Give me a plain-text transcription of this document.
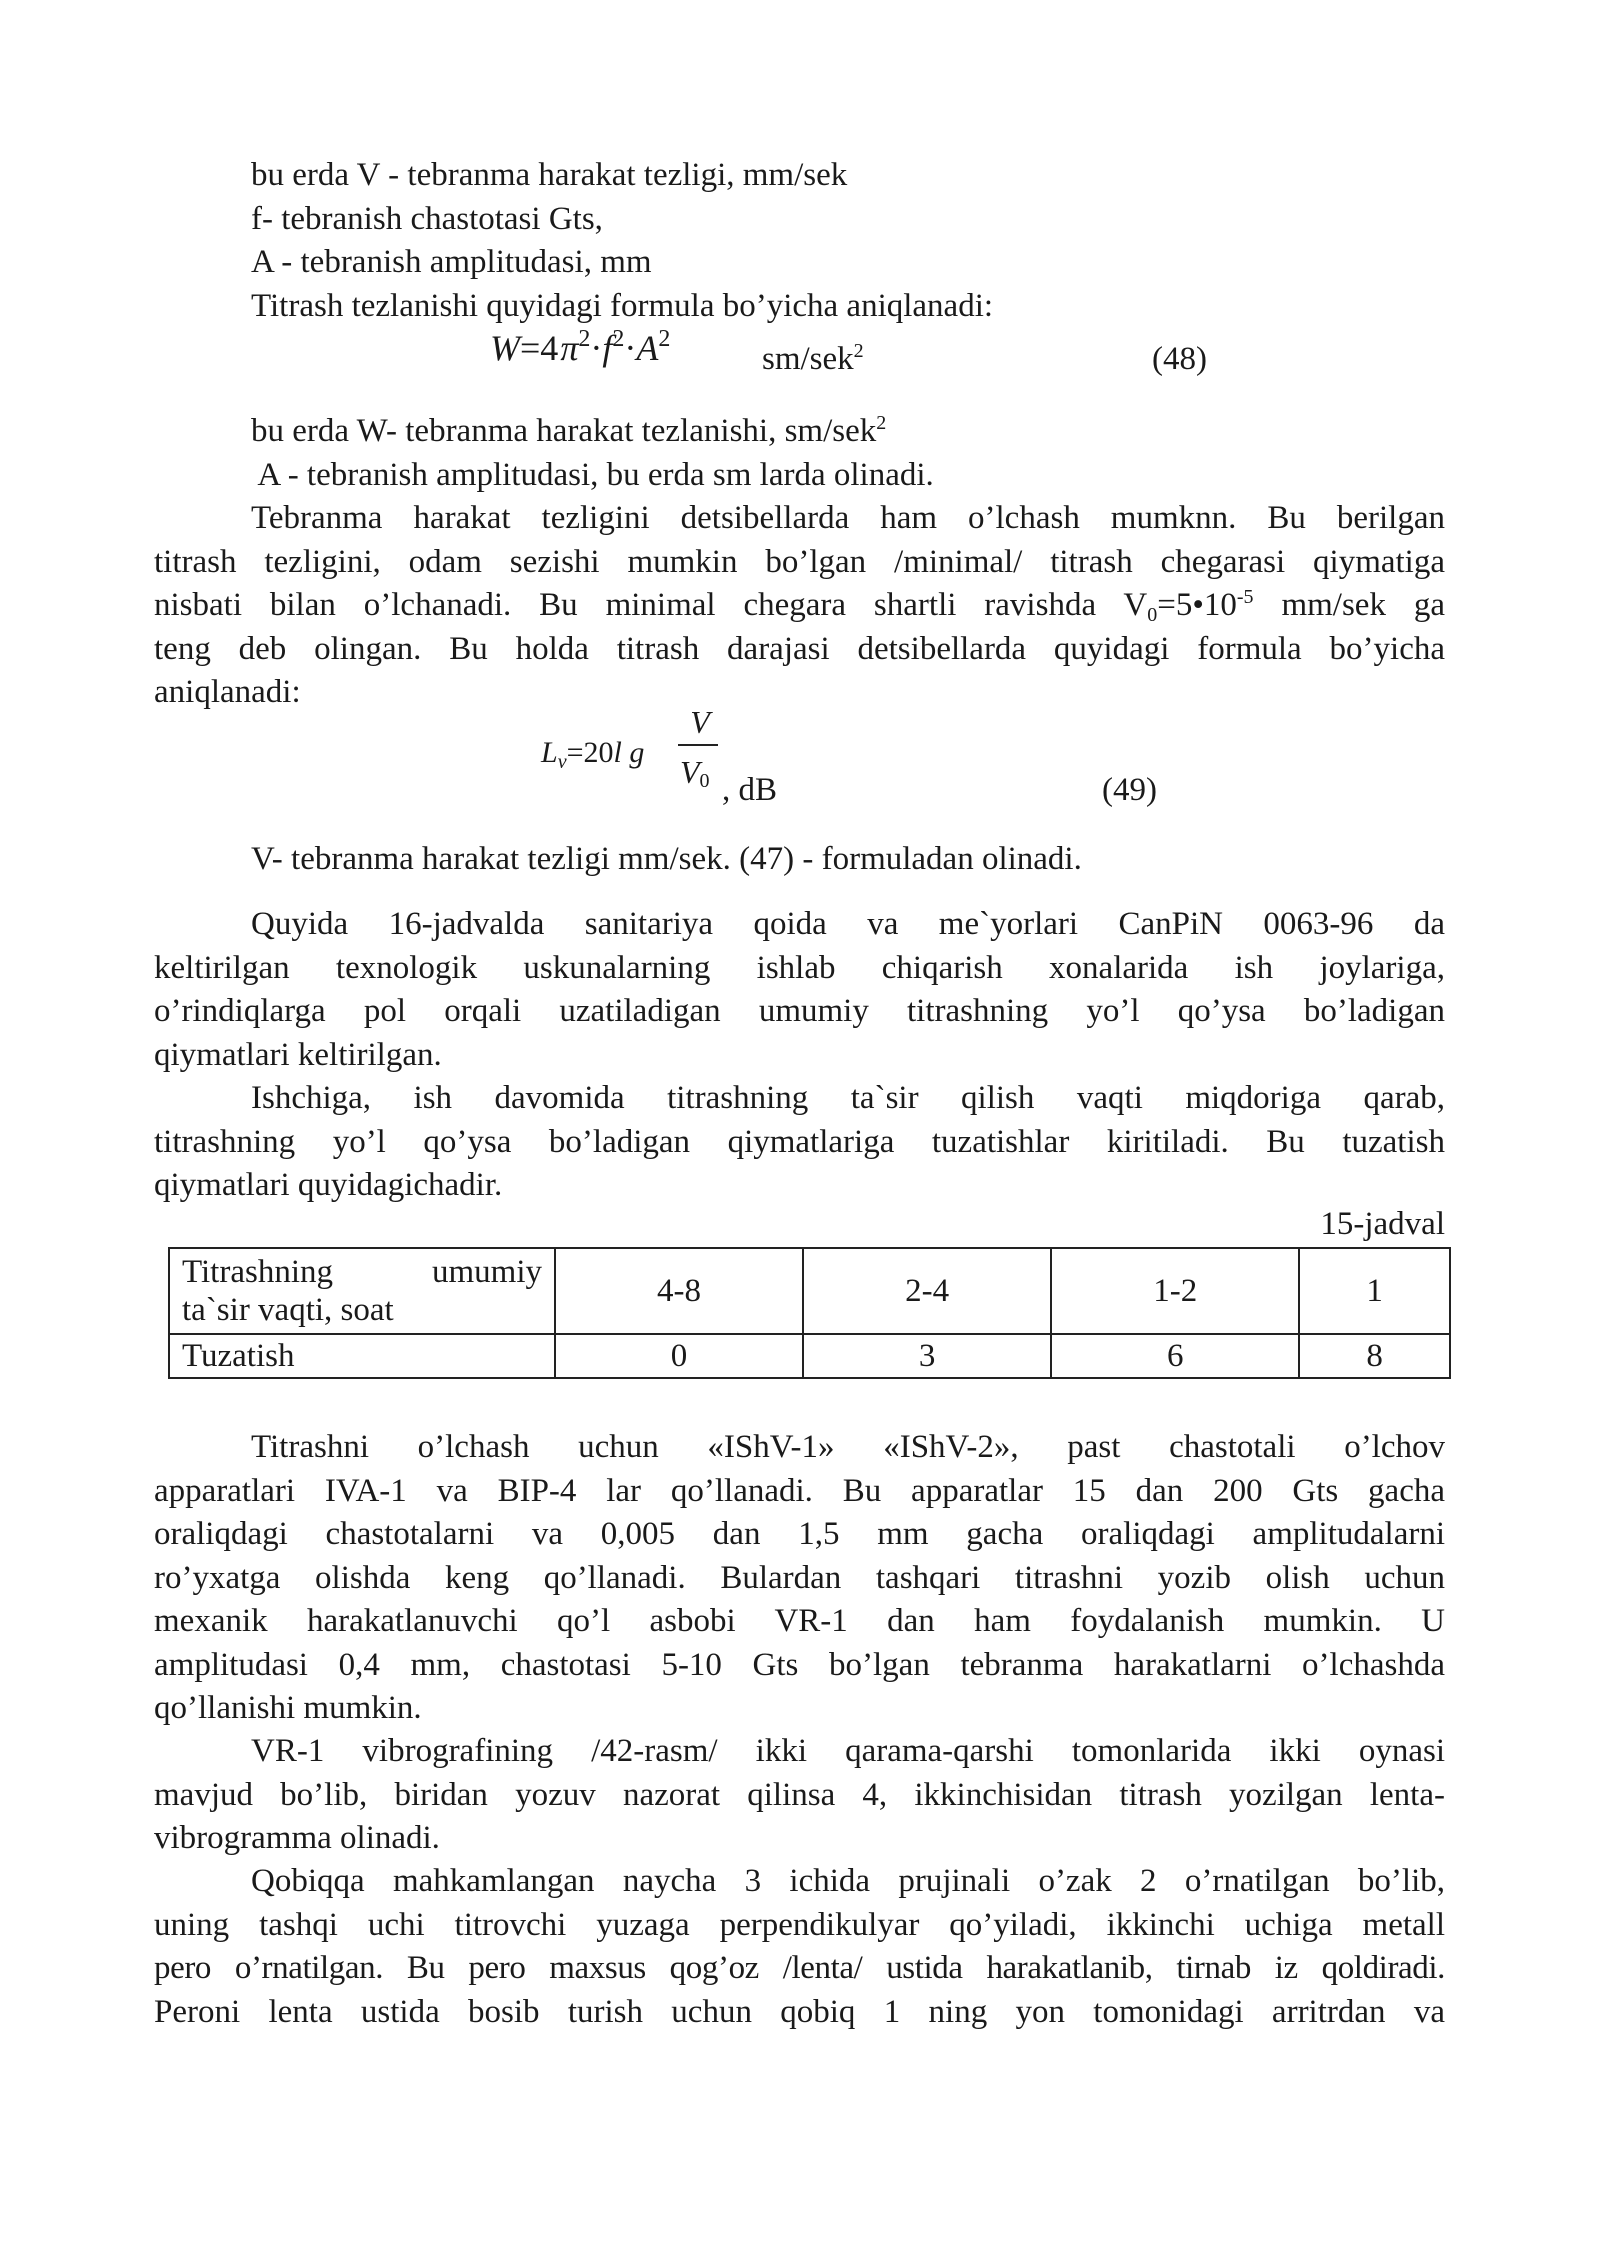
bu erda V - tebranma harakat tezligi, mm/sek
f- tebranish chastotasi Gts,
A - tebranish amplitudasi, mm
Titrash tezlanishi quyidagi formula bo’yicha aniqlanadi:
$W=4\pi^2\cdot f^2\cdot A^2$
sm/sek$^2$	(48)
bu erda W- tebranma harakat tezlanishi, sm/sek$^2$
A - tebranish amplitudasi, bu erda sm larda olinadi.
Tebranma harakat tezligini detsibellarda ham o’lchash mumknn. Bu berilgan
titrash tezligini, odam sezishi mumkin bo’lgan /minimal/ titrash chegarasi qiymatiga
nisbati bilan o’lchanadi. Bu minimal chegara shartli ravishda $V_0=5•10^{-5}$ mm/sek ga
teng deb olingan. Bu holda titrash darajasi detsibellarda quyidagi formula bo’yicha
aniqlanadi:
$L_v=20l$ g
V
$V_0$ , dB	(49)
V- tebranma harakat tezligi mm/sek. (47) - formuladan olinadi.
Quyida 16-jadvalda sanitariya qoida va me`yorlari CanPiN 0063-96 da
keltirilgan texnologik uskunalarning ishlab chiqarish xonalarida ish joylariga,
o’rindiqlarga pol orqali uzatiladigan umumiy titrashning yo’l qo’ysa bo’ladigan
qiymatlari keltirilgan.
Ishchiga, ish davomida titrashning ta`sir qilish vaqti miqdoriga qarab,
titrashning yo’l qo’ysa bo’ladigan qiymatlariga tuzatishlar kiritiladi. Bu tuzatish
qiymatlari quyidagichadir.
15-jadval
Titrashning umumiy
ta`sir vaqti, soat	4-8	2-4	1-2	1
Tuzatish	0	3	6	8
Titrashni o’lchash uchun «IShV-1» «IShV-2», past chastotali o’lchov
apparatlari IVA-1 va BIP-4 lar qo’llanadi. Bu apparatlar 15 dan 200 Gts gacha
oraliqdagi chastotalarni va 0,005 dan 1,5 mm gacha oraliqdagi amplitudalarni
ro’yxatga olishda keng qo’llanadi. Bulardan tashqari titrashni yozib olish uchun
mexanik harakatlanuvchi qo’l asbobi VR-1 dan ham foydalanish mumkin. U
amplitudasi 0,4 mm, chastotasi 5-10 Gts bo’lgan tebranma harakatlarni o’lchashda
qo’llanishi mumkin.
VR-1 vibrografining /42-rasm/ ikki qarama-qarshi tomonlarida ikki oynasi
mavjud bo’lib, biridan yozuv nazorat qilinsa 4, ikkinchisidan titrash yozilgan lenta-
vibrogramma olinadi.
Qobiqqa mahkamlangan naycha 3 ichida prujinali o’zak 2 o’rnatilgan bo’lib,
uning tashqi uchi titrovchi yuzaga perpendikulyar qo’yiladi, ikkinchi uchiga metall
pero o’rnatilgan. Bu pero maxsus qog’oz /lenta/ ustida harakatlanib, tirnab iz qoldiradi.
Peroni lenta ustida bosib turish uchun qobiq 1 ning yon tomonidagi arritrdan va
